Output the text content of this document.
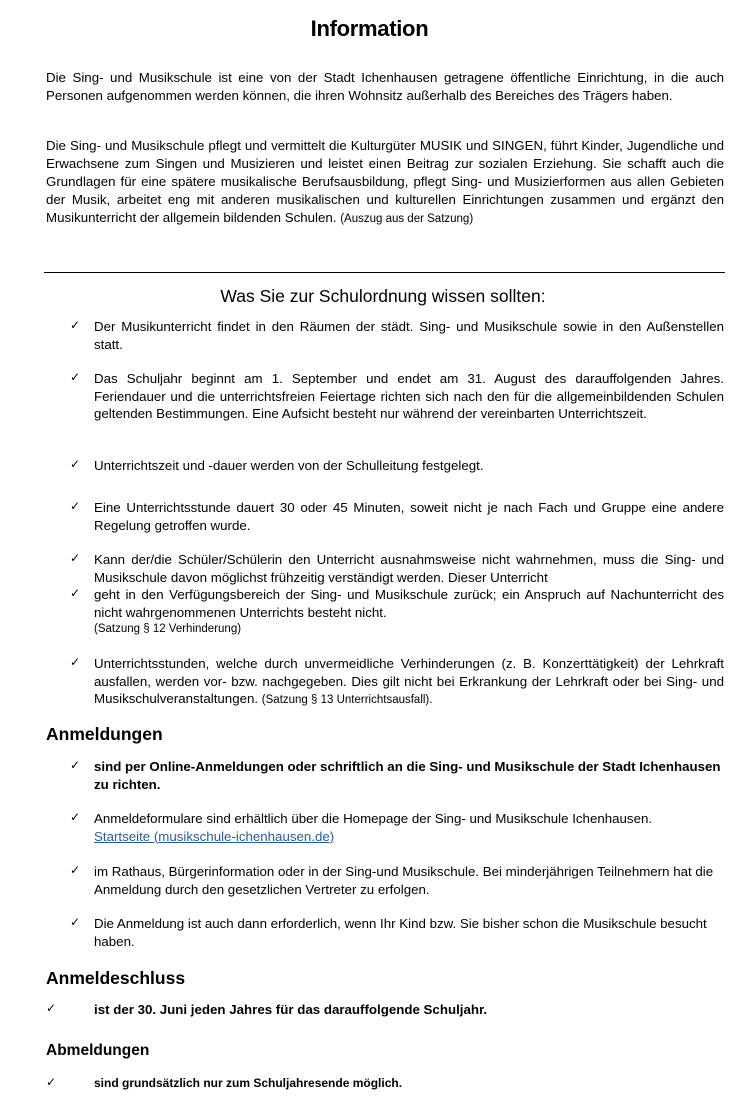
Information

Die Sing- und Musikschule ist eine von der Stadt Ichenhausen getragene öffentliche Einrichtung, in die auch Personen aufgenommen werden können, die ihren Wohnsitz außerhalb des Bereiches des Trägers haben.

Die Sing- und Musikschule pflegt und vermittelt die Kulturgüter MUSIK und SINGEN, führt Kinder, Jugendliche und Erwachsene zum Singen und Musizieren und leistet einen Beitrag zur sozialen Erziehung. Sie schafft auch die Grundlagen für eine spätere musikalische Berufsausbildung, pflegt Sing- und Musizierformen aus allen Gebieten der Musik, arbeitet eng mit anderen musikalischen und kulturellen Einrichtungen zusammen und ergänzt den Musikunterricht der allgemein bildenden Schulen. (Auszug aus der Satzung)

Was Sie zur Schulordnung wissen sollten:
✓ Der Musikunterricht findet in den Räumen der städt. Sing- und Musikschule sowie in den Außenstellen statt.
✓ Das Schuljahr beginnt am 1. September und endet am 31. August des darauffolgenden Jahres. Feriendauer und die unterrichtsfreien Feiertage richten sich nach den für die allgemeinbildenden Schulen geltenden Bestimmungen. Eine Aufsicht besteht nur während der vereinbarten Unterrichtszeit.
✓ Unterrichtszeit und -dauer werden von der Schulleitung festgelegt.
✓ Eine Unterrichtsstunde dauert 30 oder 45 Minuten, soweit nicht je nach Fach und Gruppe eine andere Regelung getroffen wurde.
✓ Kann der/die Schüler/Schülerin den Unterricht ausnahmsweise nicht wahrnehmen, muss die Sing- und Musikschule davon möglichst frühzeitig verständigt werden. Dieser Unterricht
✓ geht in den Verfügungsbereich der Sing- und Musikschule zurück; ein Anspruch auf Nachunterricht des nicht wahrgenommenen Unterrichts besteht nicht.
(Satzung § 12 Verhinderung)
✓ Unterrichtsstunden, welche durch unvermeidliche Verhinderungen (z. B. Konzerttätigkeit) der Lehrkraft ausfallen, werden vor- bzw. nachgegeben. Dies gilt nicht bei Erkrankung der Lehrkraft oder bei Sing- und Musikschulveranstaltungen. (Satzung § 13 Unterrichtsausfall).
Anmeldungen
✓ sind per Online-Anmeldungen oder schriftlich an die Sing- und Musikschule der Stadt Ichenhausen zu richten.
✓ Anmeldeformulare sind erhältlich über die Homepage der Sing- und Musikschule Ichenhausen.
Startseite (musikschule-ichenhausen.de)
✓ im Rathaus, Bürgerinformation oder in der Sing-und Musikschule. Bei minderjährigen Teilnehmern hat die Anmeldung durch den gesetzlichen Vertreter zu erfolgen.
✓ Die Anmeldung ist auch dann erforderlich, wenn Ihr Kind bzw. Sie bisher schon die Musikschule besucht haben.
Anmeldeschluss
✓	ist der 30. Juni jeden Jahres für das darauffolgende Schuljahr.
Abmeldungen
✓	sind grundsätzlich nur zum Schuljahresende möglich.
